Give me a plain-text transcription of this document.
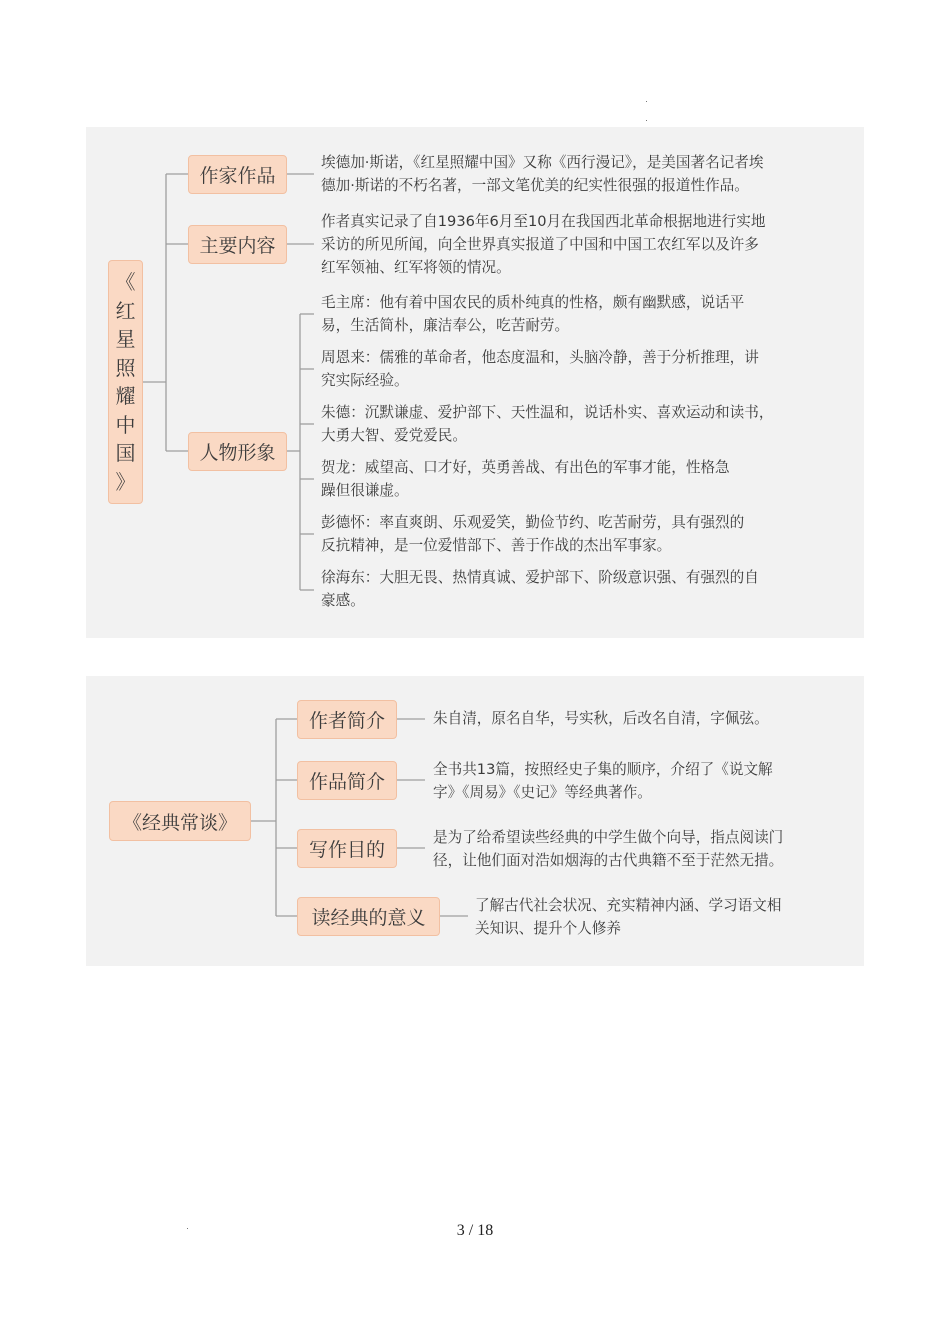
《
红
星
照
耀
中
国
》
作家作品
主要内容
人物形象
埃德加·斯诺，《红星照耀中国》又称《西行漫记》，是美国著名记者埃
德加·斯诺的不朽名著，一部文笔优美的纪实性很强的报道性作品。
作者真实记录了自1936年6月至10月在我国西北革命根据地进行实地
采访的所见所闻，向全世界真实报道了中国和中国工农红军以及许多
红军领袖、红军将领的情况。
毛主席：他有着中国农民的质朴纯真的性格，颇有幽默感，说话平
易，生活简朴，廉洁奉公，吃苦耐劳。
周恩来：儒雅的革命者，他态度温和，头脑冷静，善于分析推理，讲
究实际经验。
朱德：沉默谦虚、爱护部下、天性温和，说话朴实、喜欢运动和读书，
大勇大智、爱党爱民。
贺龙：威望高、口才好，英勇善战、有出色的军事才能，性格急
躁但很谦虚。
彭德怀：率直爽朗、乐观爱笑，勤俭节约、吃苦耐劳，具有强烈的
反抗精神，是一位爱惜部下、善于作战的杰出军事家。
徐海东：大胆无畏、热情真诚、爱护部下、阶级意识强、有强烈的自
豪感。
《经典常谈》
作者简介
作品简介
写作目的
读经典的意义
朱自清，原名自华，号实秋，后改名自清，字佩弦。
全书共13篇，按照经史子集的顺序，介绍了《说文解
字》《周易》《史记》等经典著作。
是为了给希望读些经典的中学生做个向导，指点阅读门
径，让他们面对浩如烟海的古代典籍不至于茫然无措。
了解古代社会状况、充实精神内涵、学习语文相
关知识、提升个人修养
3 / 18
